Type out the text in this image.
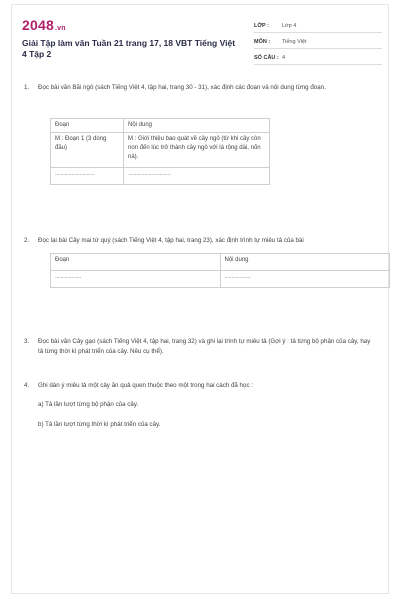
2048.vn
Giải Tập làm văn Tuần 21 trang 17, 18 VBT Tiếng Việt 4 Tập 2
LỚP :	Lớp 4
MÔN :	Tiếng Việt
SỐ CÂU : 4
1.	Đọc bài văn Bãi ngô (sách Tiếng Việt 4, tập hai, trang 30 - 31), xác định các đoạn và nội dung từng đoạn.
Đoạn	Nội dung
M : Đoạn 1 (3 dòng đầu)	M : Giới thiệu bao quát về cây ngô (từ khi cây còn non đến lúc trở thành cây ngô với lá rộng dài, nõn nà).
.............................	...............................
2.	Đọc lại bài Cây mai tứ quý (sách Tiếng Việt 4, tập hai, trang 23), xác định trình tự miêu tả của bài
Đoạn	Nội dung
...................	...................
3.	Đọc bài văn Cây gạo (sách Tiếng Việt 4, tập hai, trang 32) và ghi lại trình tự miêu tả (Gợi ý : tả từng bộ phận của cây, hay tả từng thời kì phát triển của cây. Nêu cụ thể).
4.	Ghi dàn ý miêu tả một cây ăn quả quen thuộc theo một trong hai cách đã học :
a) Tả lần lượt từng bộ phận của cây.
b) Tả lần lượt từng thời kì phát triển của cây.
